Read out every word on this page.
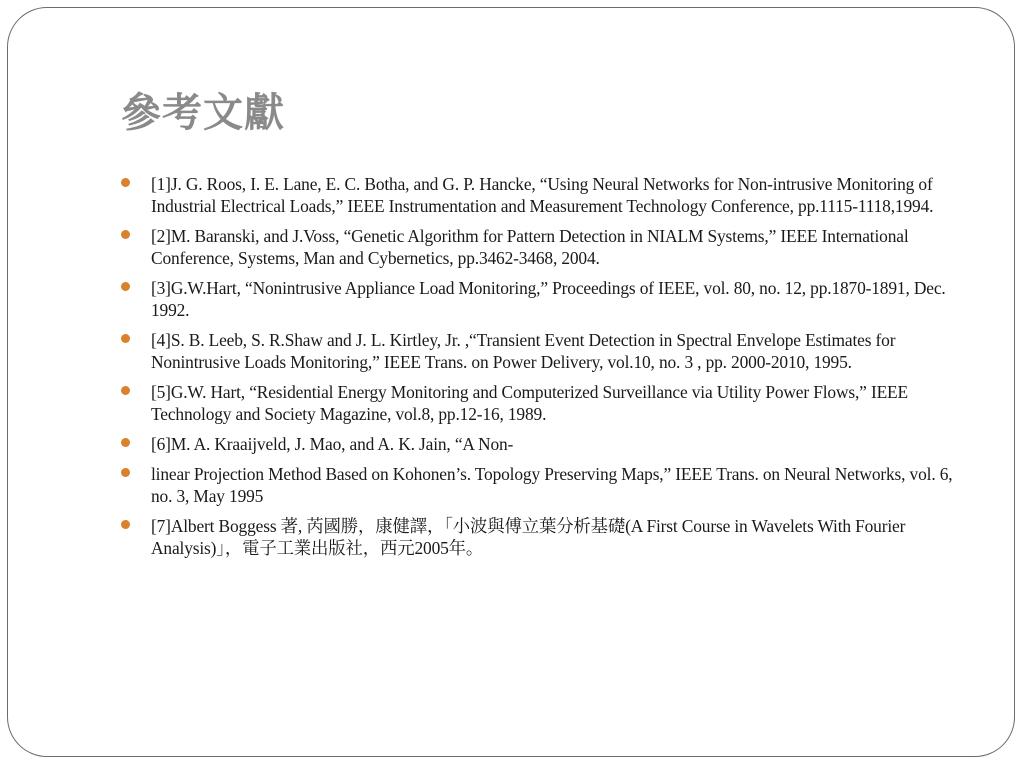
參考文獻
[1]J. G. Roos, I. E. Lane, E. C. Botha, and G. P. Hancke, “Using Neural Networks for Non-intrusive Monitoring of Industrial Electrical Loads,” IEEE Instrumentation and Measurement Technology Conference, pp.1115-1118,1994.
[2]M. Baranski, and J.Voss, “Genetic Algorithm for Pattern Detection in NIALM Systems,” IEEE International Conference, Systems, Man and Cybernetics, pp.3462-3468, 2004.
[3]G.W.Hart, “Nonintrusive Appliance Load Monitoring,” Proceedings of IEEE, vol. 80, no. 12, pp.1870-1891, Dec. 1992.
[4]S. B. Leeb, S. R.Shaw and J. L. Kirtley, Jr. ,“Transient Event Detection in Spectral Envelope Estimates for Nonintrusive Loads Monitoring,” IEEE Trans. on Power Delivery, vol.10, no. 3 , pp. 2000-2010, 1995.
[5]G.W. Hart, “Residential Energy Monitoring and Computerized Surveillance via Utility Power Flows,” IEEE Technology and Society Magazine, vol.8, pp.12-16, 1989.
[6]M. A. Kraaijveld, J. Mao, and A. K. Jain, “A Non-
linear Projection Method Based on Kohonen’s. Topology Preserving Maps,” IEEE Trans. on Neural Networks, vol. 6, no. 3, May 1995
[7]Albert Boggess 著, 芮國勝，康健譯，「小波與傅立葉分析基礎(A First Course in Wavelets With Fourier Analysis)」，電子工業出版社，西元2005年。
